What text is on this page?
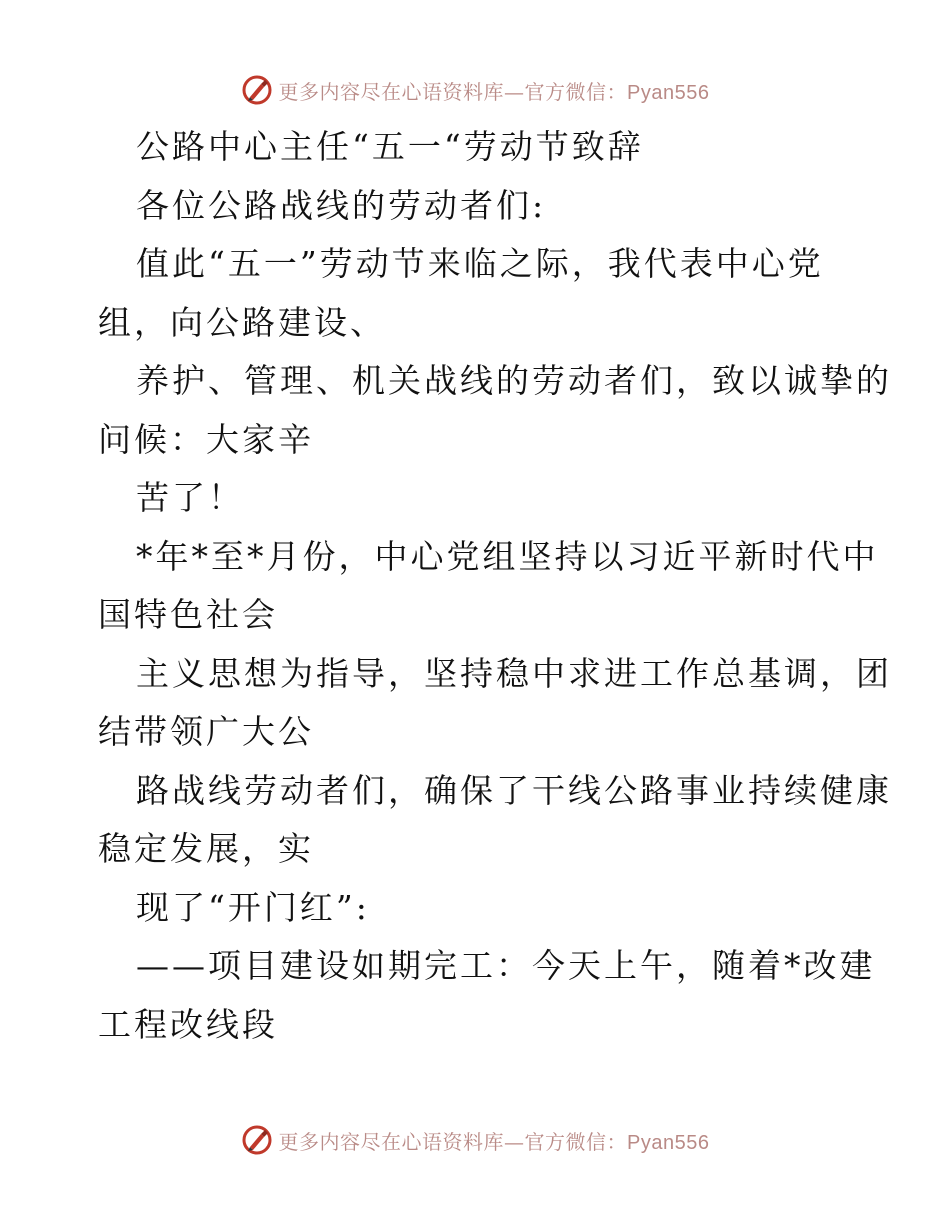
更多内容尽在心语资料库—官方微信：Pyan556
公路中心主任“五一“劳动节致辞
各位公路战线的劳动者们:
值此“五一”劳动节来临之际，我代表中心党
组，向公路建设、
养护、管理、机关战线的劳动者们，致以诚挚的
问候：大家辛
苦了！
*年*至*月份，中心党组坚持以习近平新时代中
国特色社会
主义思想为指导，坚持稳中求进工作总基调，团
结带领广大公
路战线劳动者们，确保了干线公路事业持续健康
稳定发展，实
现了“开门红”:
——项目建设如期完工：今天上午，随着*改建
工程改线段
更多内容尽在心语资料库—官方微信：Pyan556
